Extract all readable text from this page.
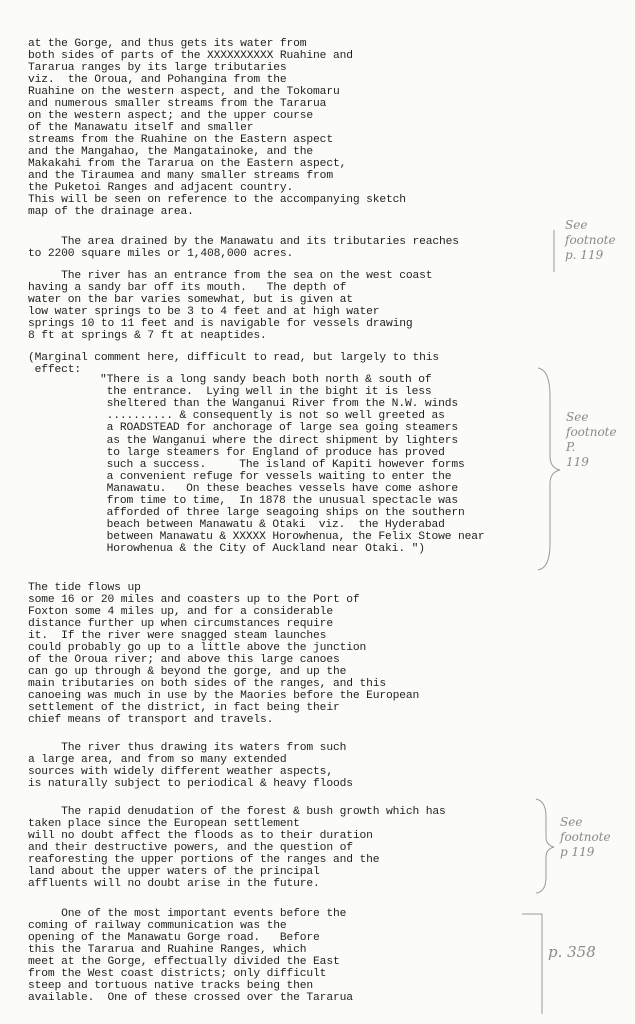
at the Gorge, and thus gets its water from
both sides of parts of the XXXXXXXXXX Ruahine and
Tararua ranges by its large tributaries
viz.  the Oroua, and Pohangina from the
Ruahine on the western aspect, and the Tokomaru
and numerous smaller streams from the Tararua
on the western aspect; and the upper course
of the Manawatu itself and smaller
streams from the Ruahine on the Eastern aspect
and the Mangahao, the Mangatainoke, and the
Makakahi from the Tararua on the Eastern aspect,
and the Tiraumea and many smaller streams from
the Puketoi Ranges and adjacent country.
This will be seen on reference to the accompanying sketch
map of the drainage area.
The area drained by the Manawatu and its tributaries reaches
to 2200 square miles or 1,408,000 acres.
The river has an entrance from the sea on the west coast
having a sandy bar off its mouth.   The depth of
water on the bar varies somewhat, but is given at
low water springs to be 3 to 4 feet and at high water
springs 10 to 11 feet and is navigable for vessels drawing
8 ft at springs & 7 ft at neaptides.
(Marginal comment here, difficult to read, but largely to this
effect:
"There is a long sandy beach both north & south of
the entrance.  Lying well in the bight it is less
sheltered than the Wanganui River from the N.W. winds
.......... & consequently is not so well greeted as
a ROADSTEAD for anchorage of large sea going steamers
as the Wanganui where the direct shipment by lighters
to large steamers for England of produce has proved
such a success.     The island of Kapiti however forms
a convenient refuge for vessels waiting to enter the
Manawatu.   On these beaches vessels have come ashore
from time to time,  In 1878 the unusual spectacle was
afforded of three large seagoing ships on the southern
beach between Manawatu & Otaki  viz.  the Hyderabad
between Manawatu & XXXXX Horowhenua, the Felix Stowe near
Horowhenua & the City of Auckland near Otaki. ")
The tide flows up
some 16 or 20 miles and coasters up to the Port of
Foxton some 4 miles up, and for a considerable
distance further up when circumstances require
it.  If the river were snagged steam launches
could probably go up to a little above the junction
of the Oroua river; and above this large canoes
can go up through & beyond the gorge, and up the
main tributaries on both sides of the ranges, and this
canoeing was much in use by the Maories before the European
settlement of the district, in fact being their
chief means of transport and travels.
The river thus drawing its waters from such
a large area, and from so many extended
sources with widely different weather aspects,
is naturally subject to periodical & heavy floods
The rapid denudation of the forest & bush growth which has
taken place since the European settlement
will no doubt affect the floods as to their duration
and their destructive powers, and the question of
reaforesting the upper portions of the ranges and the
land about the upper waters of the principal
affluents will no doubt arise in the future.
One of the most important events before the
coming of railway communication was the
opening of the Manawatu Gorge road.   Before
this the Tararua and Ruahine Ranges, which
meet at the Gorge, effectually divided the East
from the West coast districts; only difficult
steep and tortuous native tracks being then
available.  One of these crossed over the Tararua
See
footnote
p. 119
See
footnote
P.
119
See
footnote
p 119
p. 358
